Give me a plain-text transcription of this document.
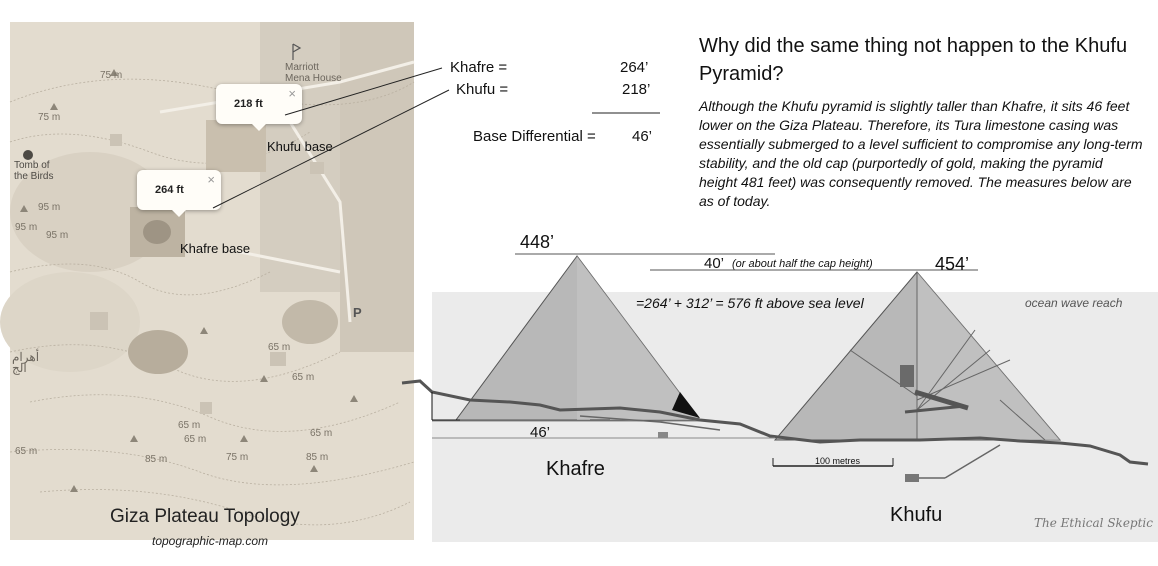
Marriott
Mena House
Tomb of
the Birds
أهرام
الج
75 m
75 m
95 m
95 m
65 m
65 m
65 m
65 m
65 m
85 m	85 m
75 m
65 m
95 m
P
218 ft
×
264 ft
×
Khufu base
Khafre base
Giza Plateau Topology
topographic-map.com
Khafre =	264’
Khufu =	218’
Base Differential = 46’
Why did the same thing not happen to the Khufu Pyramid?
Although the Khufu pyramid is slightly taller than Khafre, it sits 46 feet lower on the Giza Plateau. Therefore, its Tura limestone casing was essentially submerged to a level sufficient to compromise any long-term stability, and the old cap (purportedly of gold, making the pyramid height 481 feet) was consequently removed. The measures below are as of today.
448’
454’
40’ (or about half the cap height)
=264’ + 312’ = 576 ft above sea level	ocean wave reach
46’
Khafre
Khufu
100 metres
The Ethical Skeptic
